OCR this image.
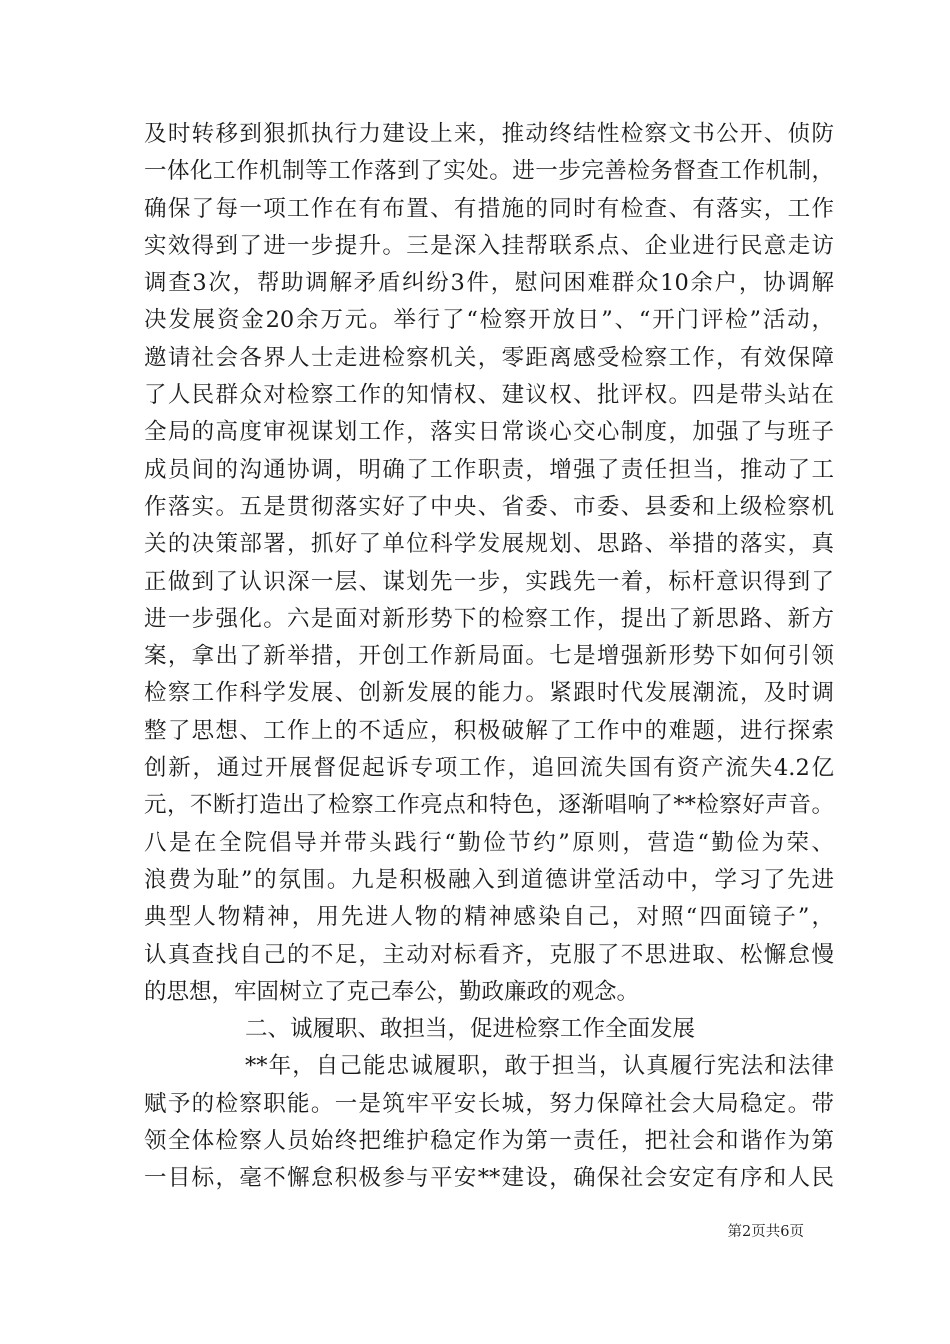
及时转移到狠抓执行力建设上来，推动终结性检察文书公开、侦防
一体化工作机制等工作落到了实处。进一步完善检务督查工作机制，
确保了每一项工作在有布置、有措施的同时有检查、有落实，工作
实效得到了进一步提升。三是深入挂帮联系点、企业进行民意走访
调查3次，帮助调解矛盾纠纷3件，慰问困难群众10余户，协调解
决发展资金20余万元。举行了“检察开放日”、“开门评检”活动，
邀请社会各界人士走进检察机关，零距离感受检察工作，有效保障
了人民群众对检察工作的知情权、建议权、批评权。四是带头站在
全局的高度审视谋划工作，落实日常谈心交心制度，加强了与班子
成员间的沟通协调，明确了工作职责，增强了责任担当，推动了工
作落实。五是贯彻落实好了中央、省委、市委、县委和上级检察机
关的决策部署，抓好了单位科学发展规划、思路、举措的落实，真
正做到了认识深一层、谋划先一步，实践先一着，标杆意识得到了
进一步强化。六是面对新形势下的检察工作，提出了新思路、新方
案，拿出了新举措，开创工作新局面。七是增强新形势下如何引领
检察工作科学发展、创新发展的能力。紧跟时代发展潮流，及时调
整了思想、工作上的不适应，积极破解了工作中的难题，进行探索
创新，通过开展督促起诉专项工作，追回流失国有资产流失4.2亿
元，不断打造出了检察工作亮点和特色，逐渐唱响了**检察好声音。
八是在全院倡导并带头践行“勤俭节约”原则，营造“勤俭为荣、
浪费为耻”的氛围。九是积极融入到道德讲堂活动中，学习了先进
典型人物精神，用先进人物的精神感染自己，对照“四面镜子”，
认真查找自己的不足，主动对标看齐，克服了不思进取、松懈怠慢
的思想，牢固树立了克己奉公，勤政廉政的观念。
二、诚履职、敢担当，促进检察工作全面发展
**年，自己能忠诚履职，敢于担当，认真履行宪法和法律
赋予的检察职能。一是筑牢平安长城，努力保障社会大局稳定。带
领全体检察人员始终把维护稳定作为第一责任，把社会和谐作为第
一目标，毫不懈怠积极参与平安**建设，确保社会安定有序和人民
第2页共6页
